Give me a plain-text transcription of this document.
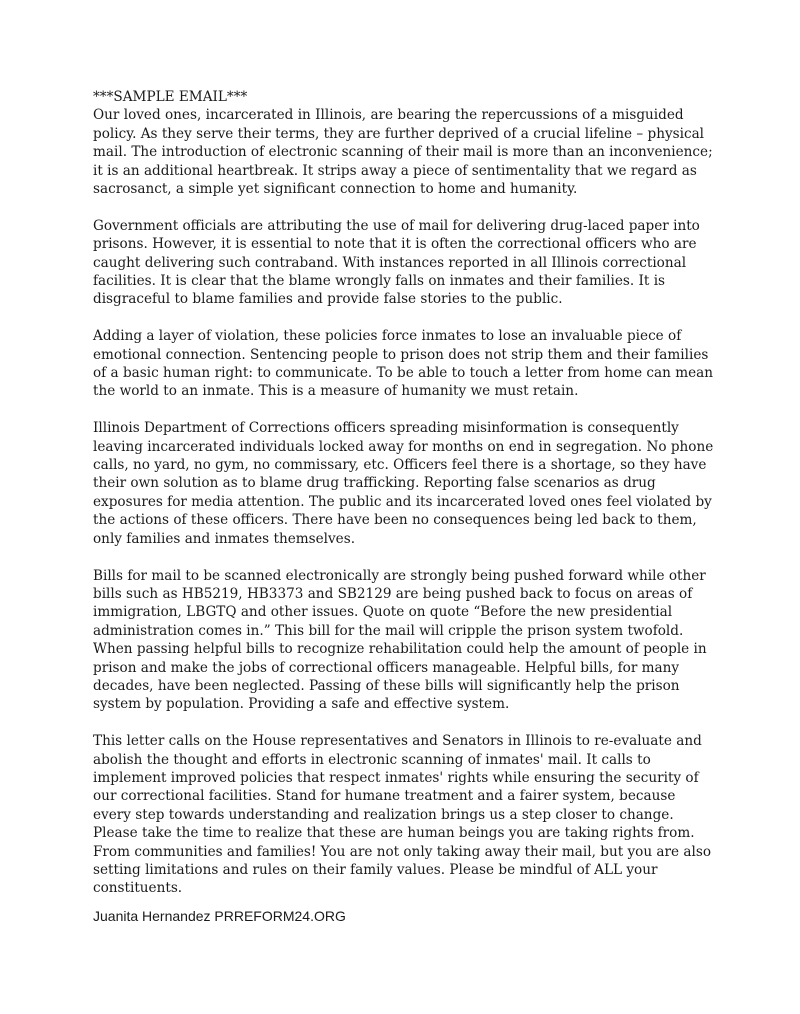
***SAMPLE EMAIL***

Our loved ones, incarcerated in Illinois, are bearing the repercussions of a misguided policy. As they serve their terms, they are further deprived of a crucial lifeline – physical mail. The introduction of electronic scanning of their mail is more than an inconvenience; it is an additional heartbreak. It strips away a piece of sentimentality that we regard as sacrosanct, a simple yet significant connection to home and humanity.

Government officials are attributing the use of mail for delivering drug-laced paper into prisons. However, it is essential to note that it is often the correctional officers who are caught delivering such contraband. With instances reported in all Illinois correctional facilities. It is clear that the blame wrongly falls on inmates and their families. It is disgraceful to blame families and provide false stories to the public.

Adding a layer of violation, these policies force inmates to lose an invaluable piece of emotional connection. Sentencing people to prison does not strip them and their families of a basic human right: to communicate. To be able to touch a letter from home can mean the world to an inmate. This is a measure of humanity we must retain.

Illinois Department of Corrections officers spreading misinformation is consequently leaving incarcerated individuals locked away for months on end in segregation. No phone calls, no yard, no gym, no commissary, etc. Officers feel there is a shortage, so they have their own solution as to blame drug trafficking. Reporting false scenarios as drug exposures for media attention. The public and its incarcerated loved ones feel violated by the actions of these officers. There have been no consequences being led back to them, only families and inmates themselves.

Bills for mail to be scanned electronically are strongly being pushed forward while other bills such as HB5219, HB3373 and SB2129 are being pushed back to focus on areas of immigration, LBGTQ and other issues. Quote on quote “Before the new presidential administration comes in.” This bill for the mail will cripple the prison system twofold. When passing helpful bills to recognize rehabilitation could help the amount of people in prison and make the jobs of correctional officers manageable. Helpful bills, for many decades, have been neglected. Passing of these bills will significantly help the prison system by population. Providing a safe and effective system.

This letter calls on the House representatives and Senators in Illinois to re-evaluate and abolish the thought and efforts in electronic scanning of inmates' mail. It calls to implement improved policies that respect inmates' rights while ensuring the security of our correctional facilities. Stand for humane treatment and a fairer system, because every step towards understanding and realization brings us a step closer to change. Please take the time to realize that these are human beings you are taking rights from. From communities and families! You are not only taking away their mail, but you are also setting limitations and rules on their family values. Please be mindful of ALL your constituents.

Juanita Hernandez PRREFORM24.ORG
